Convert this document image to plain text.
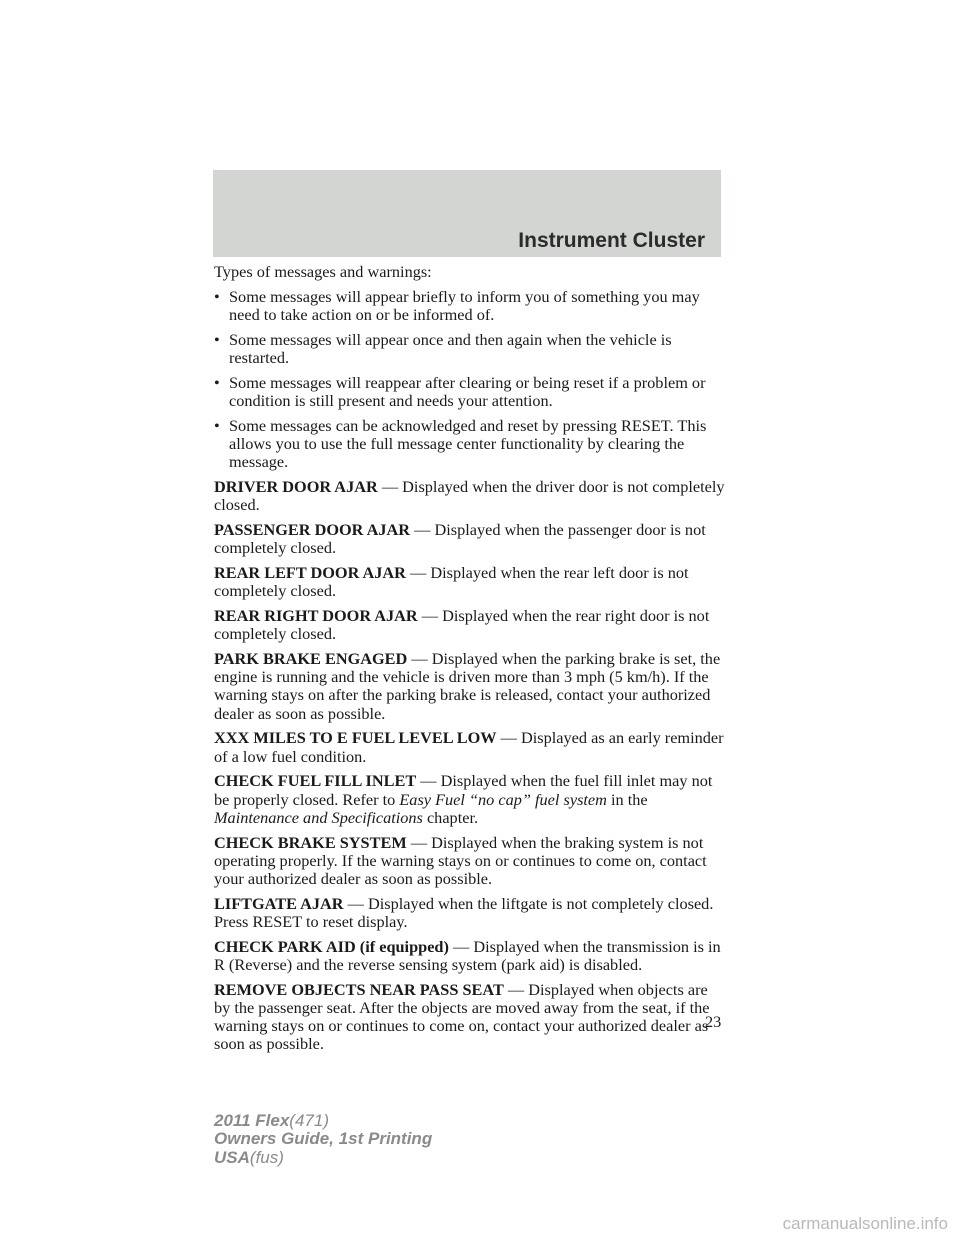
Instrument Cluster

Types of messages and warnings:

• Some messages will appear briefly to inform you of something you may need to take action on or be informed of.
• Some messages will appear once and then again when the vehicle is restarted.
• Some messages will reappear after clearing or being reset if a problem or condition is still present and needs your attention.
• Some messages can be acknowledged and reset by pressing RESET. This allows you to use the full message center functionality by clearing the message.

DRIVER DOOR AJAR — Displayed when the driver door is not completely closed.

PASSENGER DOOR AJAR — Displayed when the passenger door is not completely closed.

REAR LEFT DOOR AJAR — Displayed when the rear left door is not completely closed.

REAR RIGHT DOOR AJAR — Displayed when the rear right door is not completely closed.

PARK BRAKE ENGAGED — Displayed when the parking brake is set, the engine is running and the vehicle is driven more than 3 mph (5 km/h). If the warning stays on after the parking brake is released, contact your authorized dealer as soon as possible.

XXX MILES TO E FUEL LEVEL LOW — Displayed as an early reminder of a low fuel condition.

CHECK FUEL FILL INLET — Displayed when the fuel fill inlet may not be properly closed. Refer to Easy Fuel “no cap” fuel system in the Maintenance and Specifications chapter.

CHECK BRAKE SYSTEM — Displayed when the braking system is not operating properly. If the warning stays on or continues to come on, contact your authorized dealer as soon as possible.

LIFTGATE AJAR — Displayed when the liftgate is not completely closed. Press RESET to reset display.

CHECK PARK AID (if equipped) — Displayed when the transmission is in R (Reverse) and the reverse sensing system (park aid) is disabled.

REMOVE OBJECTS NEAR PASS SEAT — Displayed when objects are by the passenger seat. After the objects are moved away from the seat, if the warning stays on or continues to come on, contact your authorized dealer as soon as possible.

23
2011 Flex(471)
Owners Guide, 1st Printing
USA(fus)
carmanualsonline.info
